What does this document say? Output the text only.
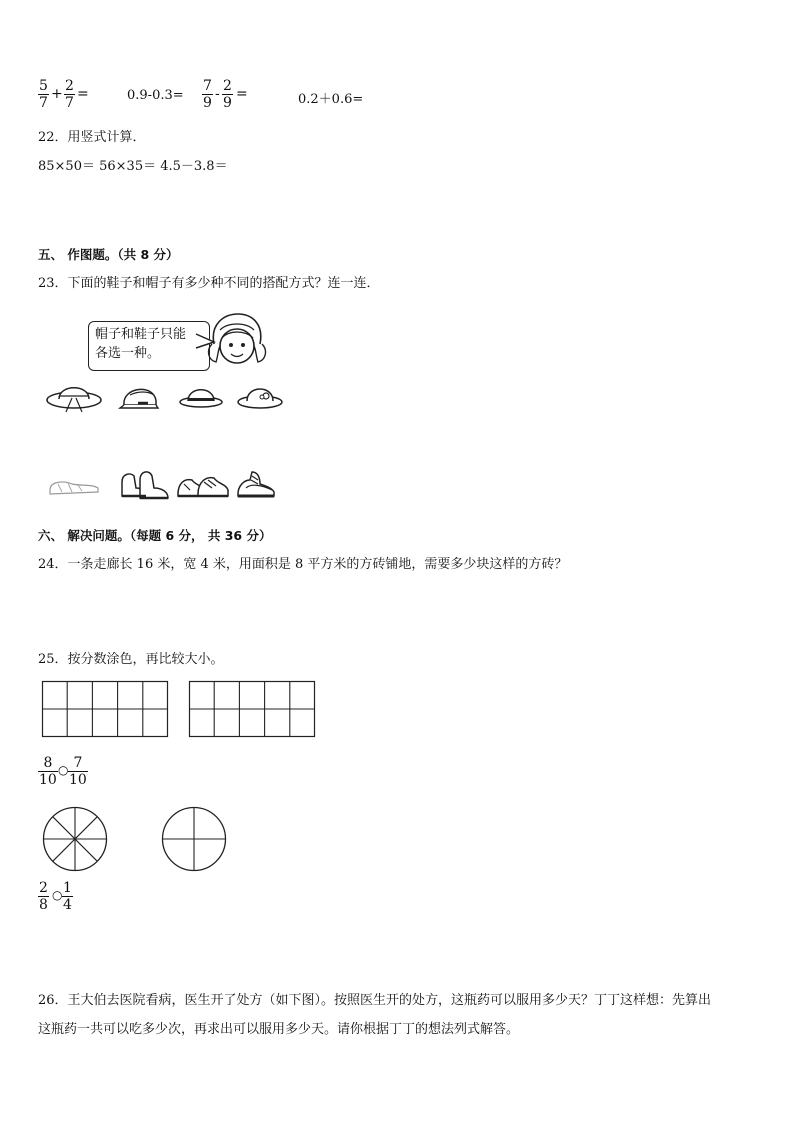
5
7
+ 2
7
=	0.9-0.3=
7
9
- 2
9
=	0.2＋0.6=
22．用竖式计算．
85×50＝ 56×35＝ 4.5－3.8＝
五、 作图题。（共 8 分）
23．下面的鞋子和帽子有多少种不同的搭配方式？连一连．
帽子和鞋子只能
各选一种。
六、 解决问题。（每题 6 分， 共 36 分）
24．一条走廊长 16 米，宽 4 米，用面积是 8 平方米的方砖铺地，需要多少块这样的方砖？
25．按分数涂色，再比较大小。
8
10
○ 7
10
2
8
○ 1
4
26．王大伯去医院看病，医生开了处方（如下图）。按照医生开的处方，这瓶药可以服用多少天？丁丁这样想：先算出
这瓶药一共可以吃多少次，再求出可以服用多少天。请你根据丁丁的想法列式解答。
